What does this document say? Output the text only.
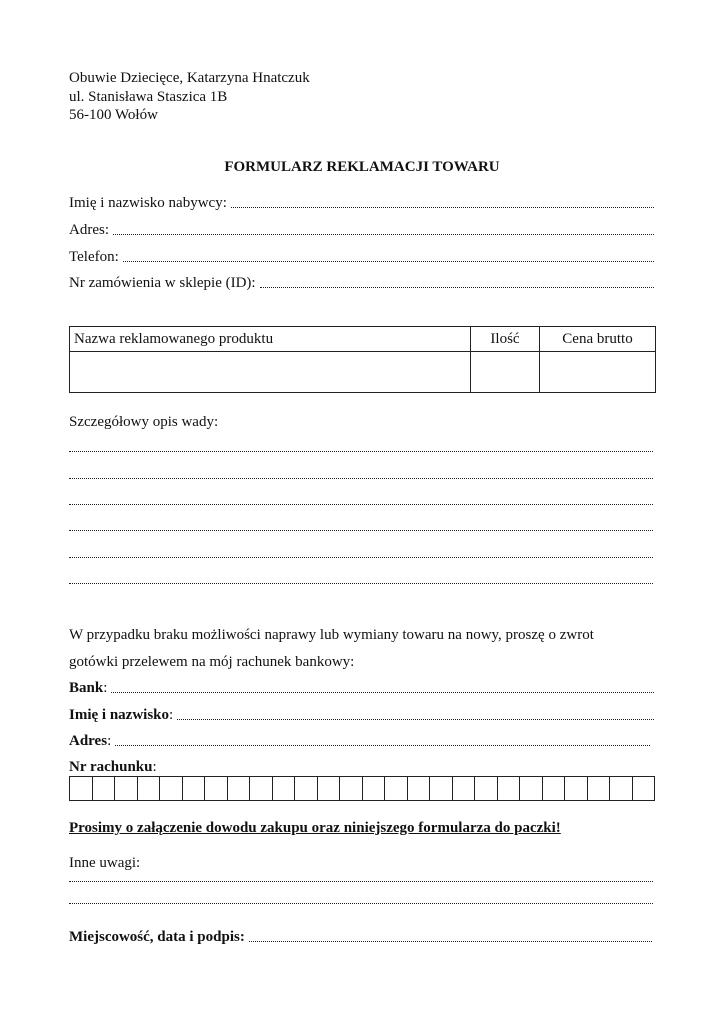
Obuwie Dziecięce, Katarzyna Hnatczuk
ul. Stanisława Staszica 1B
56-100 Wołów
FORMULARZ REKLAMACJI TOWARU
Imię i nazwisko nabywcy:
Adres:
Telefon:
Nr zamówienia w sklepie (ID):
Nazwa reklamowanego produktu	Ilość	Cena brutto

Szczegółowy opis wady:
W przypadku braku możliwości naprawy lub wymiany towaru na nowy, proszę o zwrot
gotówki przelewem na mój rachunek bankowy:
Bank:
Imię i nazwisko:
Adres:
Nr rachunku:
Prosimy o załączenie dowodu zakupu oraz niniejszego formularza do paczki!
Inne uwagi:
Miejscowość, data i podpis:
